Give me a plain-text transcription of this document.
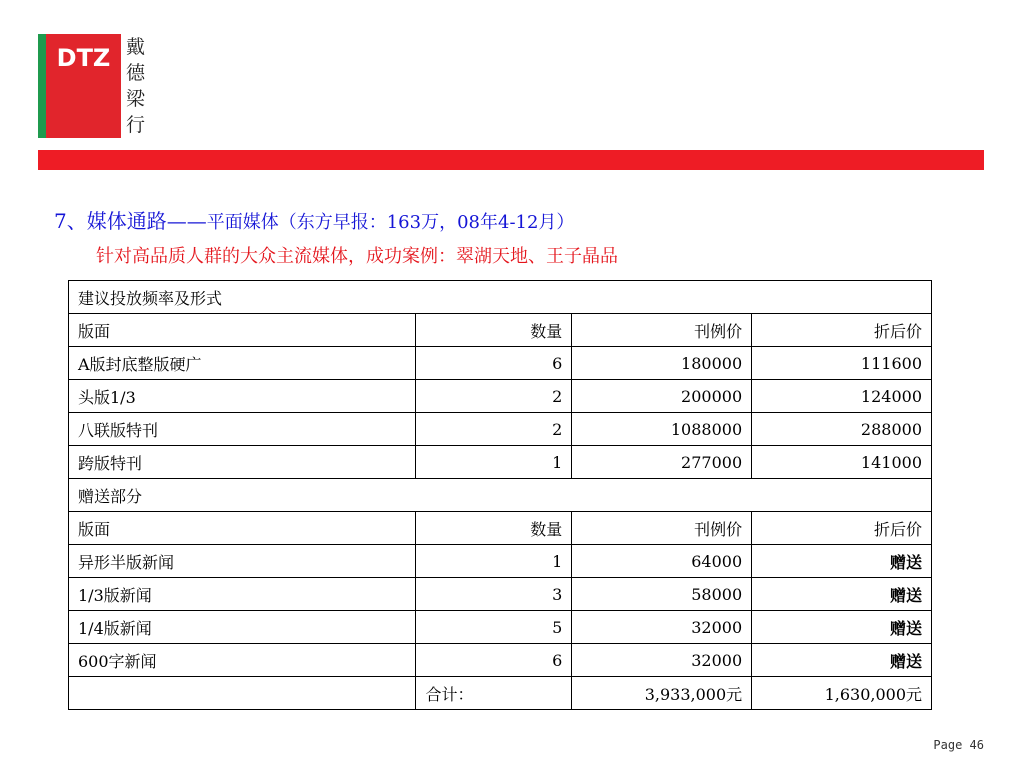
DTZ 戴
德
梁
行
7、媒体通路——平面媒体（东方早报：163万，08年4-12月）
针对高品质人群的大众主流媒体，成功案例：翠湖天地、王子晶品
建议投放频率及形式			
版面	数量	刊例价	折后价
A版封底整版硬广	6	180000	111600
头版1/3	2	200000	124000
八联版特刊	2	1088000	288000
跨版特刊	1	277000	141000
赠送部分			
版面	数量	刊例价	折后价
异形半版新闻	1	64000	赠送
1/3版新闻	3	58000	赠送
1/4版新闻	5	32000	赠送
600字新闻	6	32000	赠送
	合计：	3,933,000元	1,630,000元
Page 46
